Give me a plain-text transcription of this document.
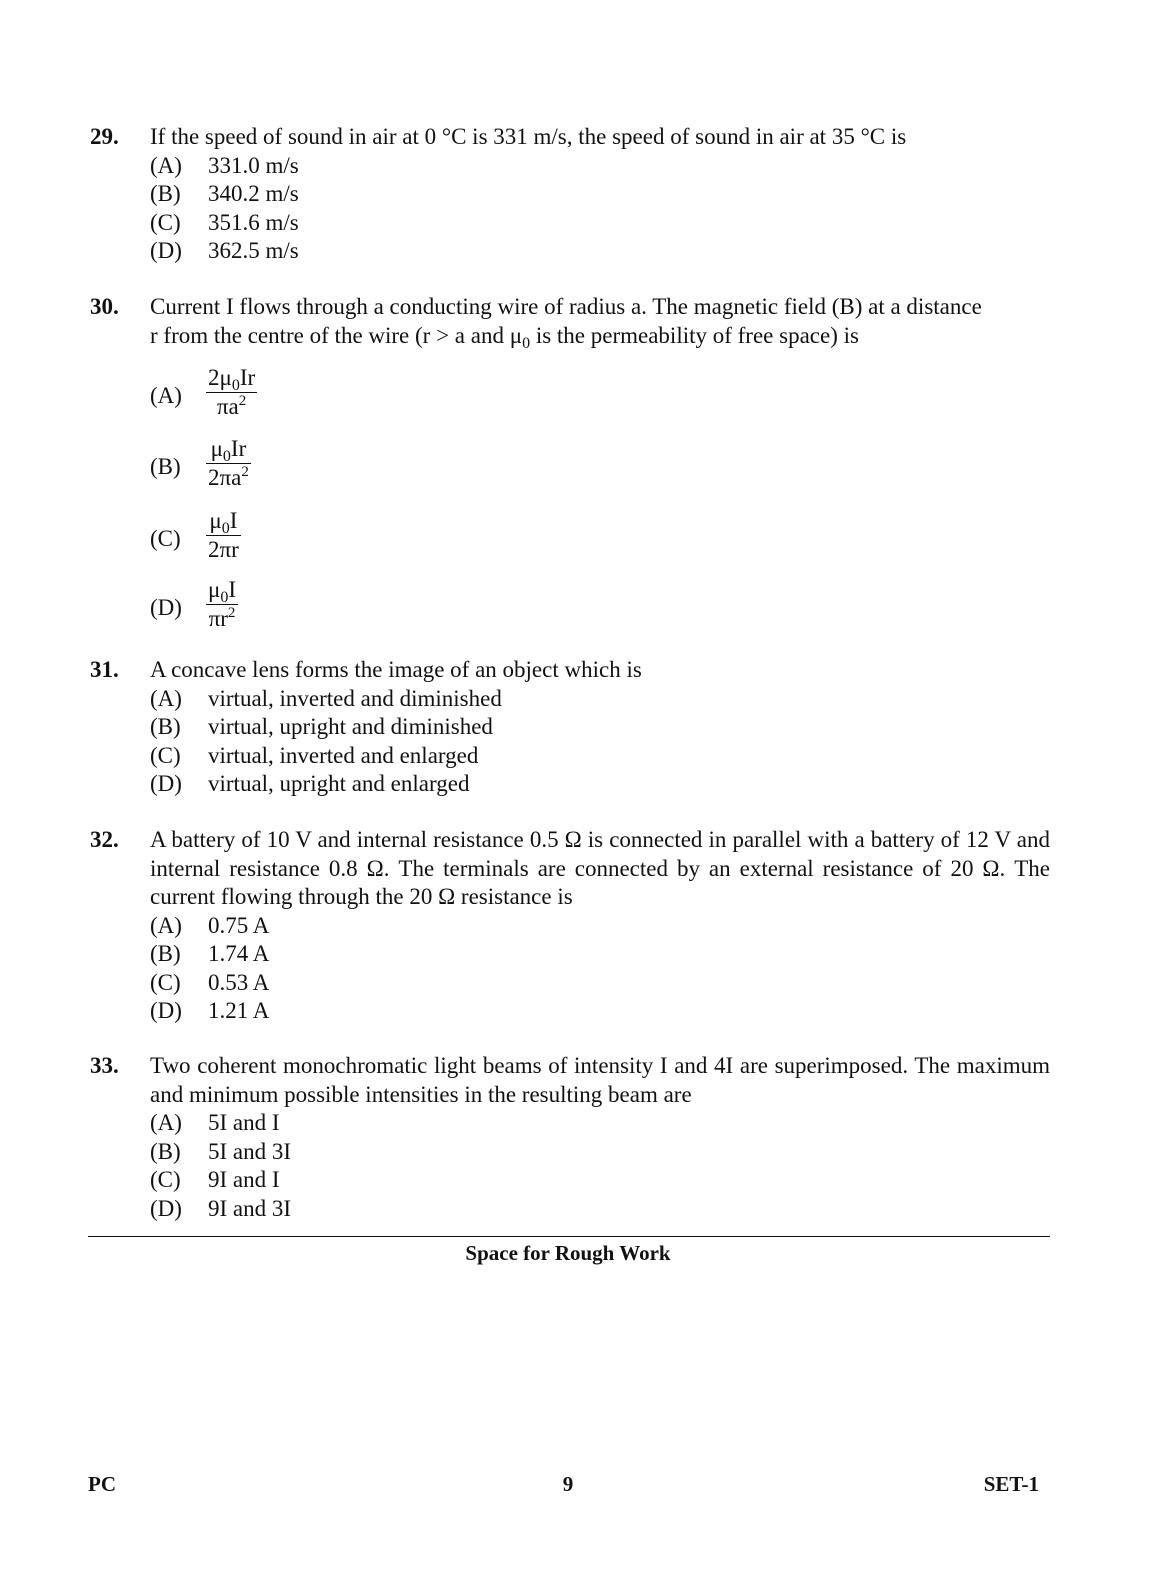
29. If the speed of sound in air at 0 °C is 331 m/s, the speed of sound in air at 35 °C is
(A) 331.0 m/s
(B) 340.2 m/s
(C) 351.6 m/s
(D) 362.5 m/s
30. Current I flows through a conducting wire of radius a. The magnetic field (B) at a distance
r from the centre of the wire (r > a and $\mu_0$ is the permeability of free space) is
$(A) \frac{2\mu_0Ir}{\pi a^2}$
$(B) \frac{\mu_0Ir}{2\pi a^2}$
$(C) \frac{\mu_0I}{2\pi r}$
$(D) \frac{\mu_0I}{\pi r^2}$
31. A concave lens forms the image of an object which is
(A) virtual, inverted and diminished
(B) virtual, upright and diminished
(C) virtual, inverted and enlarged
(D) virtual, upright and enlarged
32. A battery of 10 V and internal resistance 0.5 Ω is connected in parallel with a battery of 12 V and internal resistance 0.8 Ω. The terminals are connected by an external resistance of 20 Ω. The current flowing through the 20 Ω resistance is
(A) 0.75 A
(B) 1.74 A
(C) 0.53 A
(D) 1.21 A
33. Two coherent monochromatic light beams of intensity I and 4I are superimposed. The maximum and minimum possible intensities in the resulting beam are
(A) 5I and I
(B) 5I and 3I
(C) 9I and I
(D) 9I and 3I
Space for Rough Work
PC	9	SET-1
